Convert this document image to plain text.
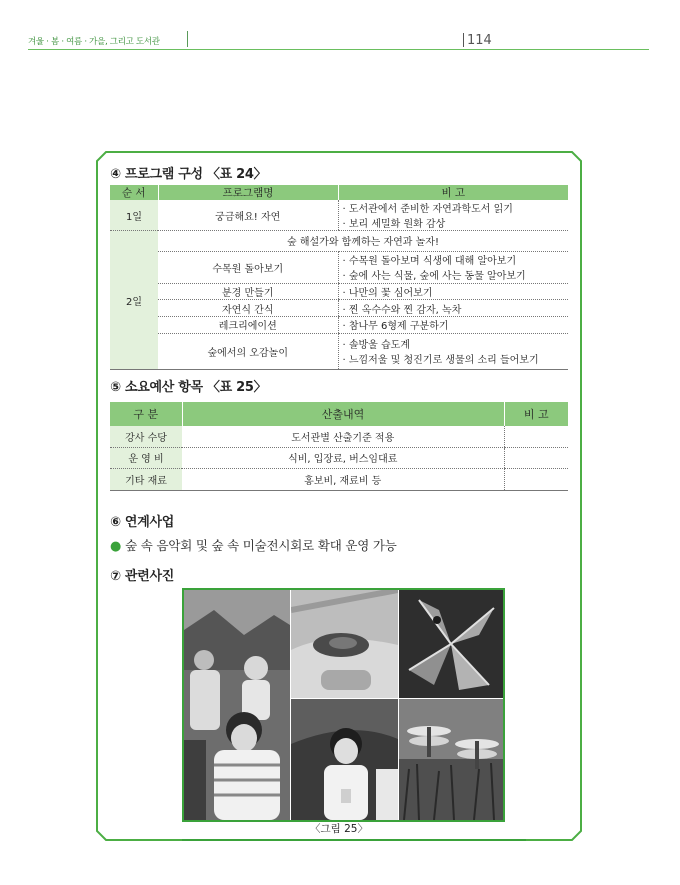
겨울 · 봄 · 여름 · 가을, 그리고 도서관	114
④ 프로그램 구성 〈표 24〉
순 서	프로그램명	비 고
1일	궁금해요! 자연	· 도서관에서 준비한 자연과학도서 읽기
· 보리 세밀화 원화 감상

2일	숲 해설가와 함께하는 자연과 놀자!	
	수목원 돌아보기	· 수목원 돌아보며 식생에 대해 알아보기
· 숲에 사는 식물, 숲에 사는 동물 알아보기

	분경 만들기	· 나만의 꽃 심어보기
	자연식 간식	· 찐 옥수수와 찐 감자, 녹차
	레크리에이션	· 참나무 6형제 구분하기
	숲에서의 오감놀이	· 솔방울 습도계
· 느낌저울 및 청진기로 생물의 소리 들어보기
⑤ 소요예산 항목 〈표 25〉
구 분	산출내역	비 고
강사 수당	도서관별 산출기준 적용	
운 영 비	식비, 입장료, 버스임대료	
기타 재료	홍보비, 재료비 등	
⑥ 연계사업
● 숲 속 음악회 및 숲 속 미술전시회로 확대 운영 가능
⑦ 관련사진
〈그림 25〉
